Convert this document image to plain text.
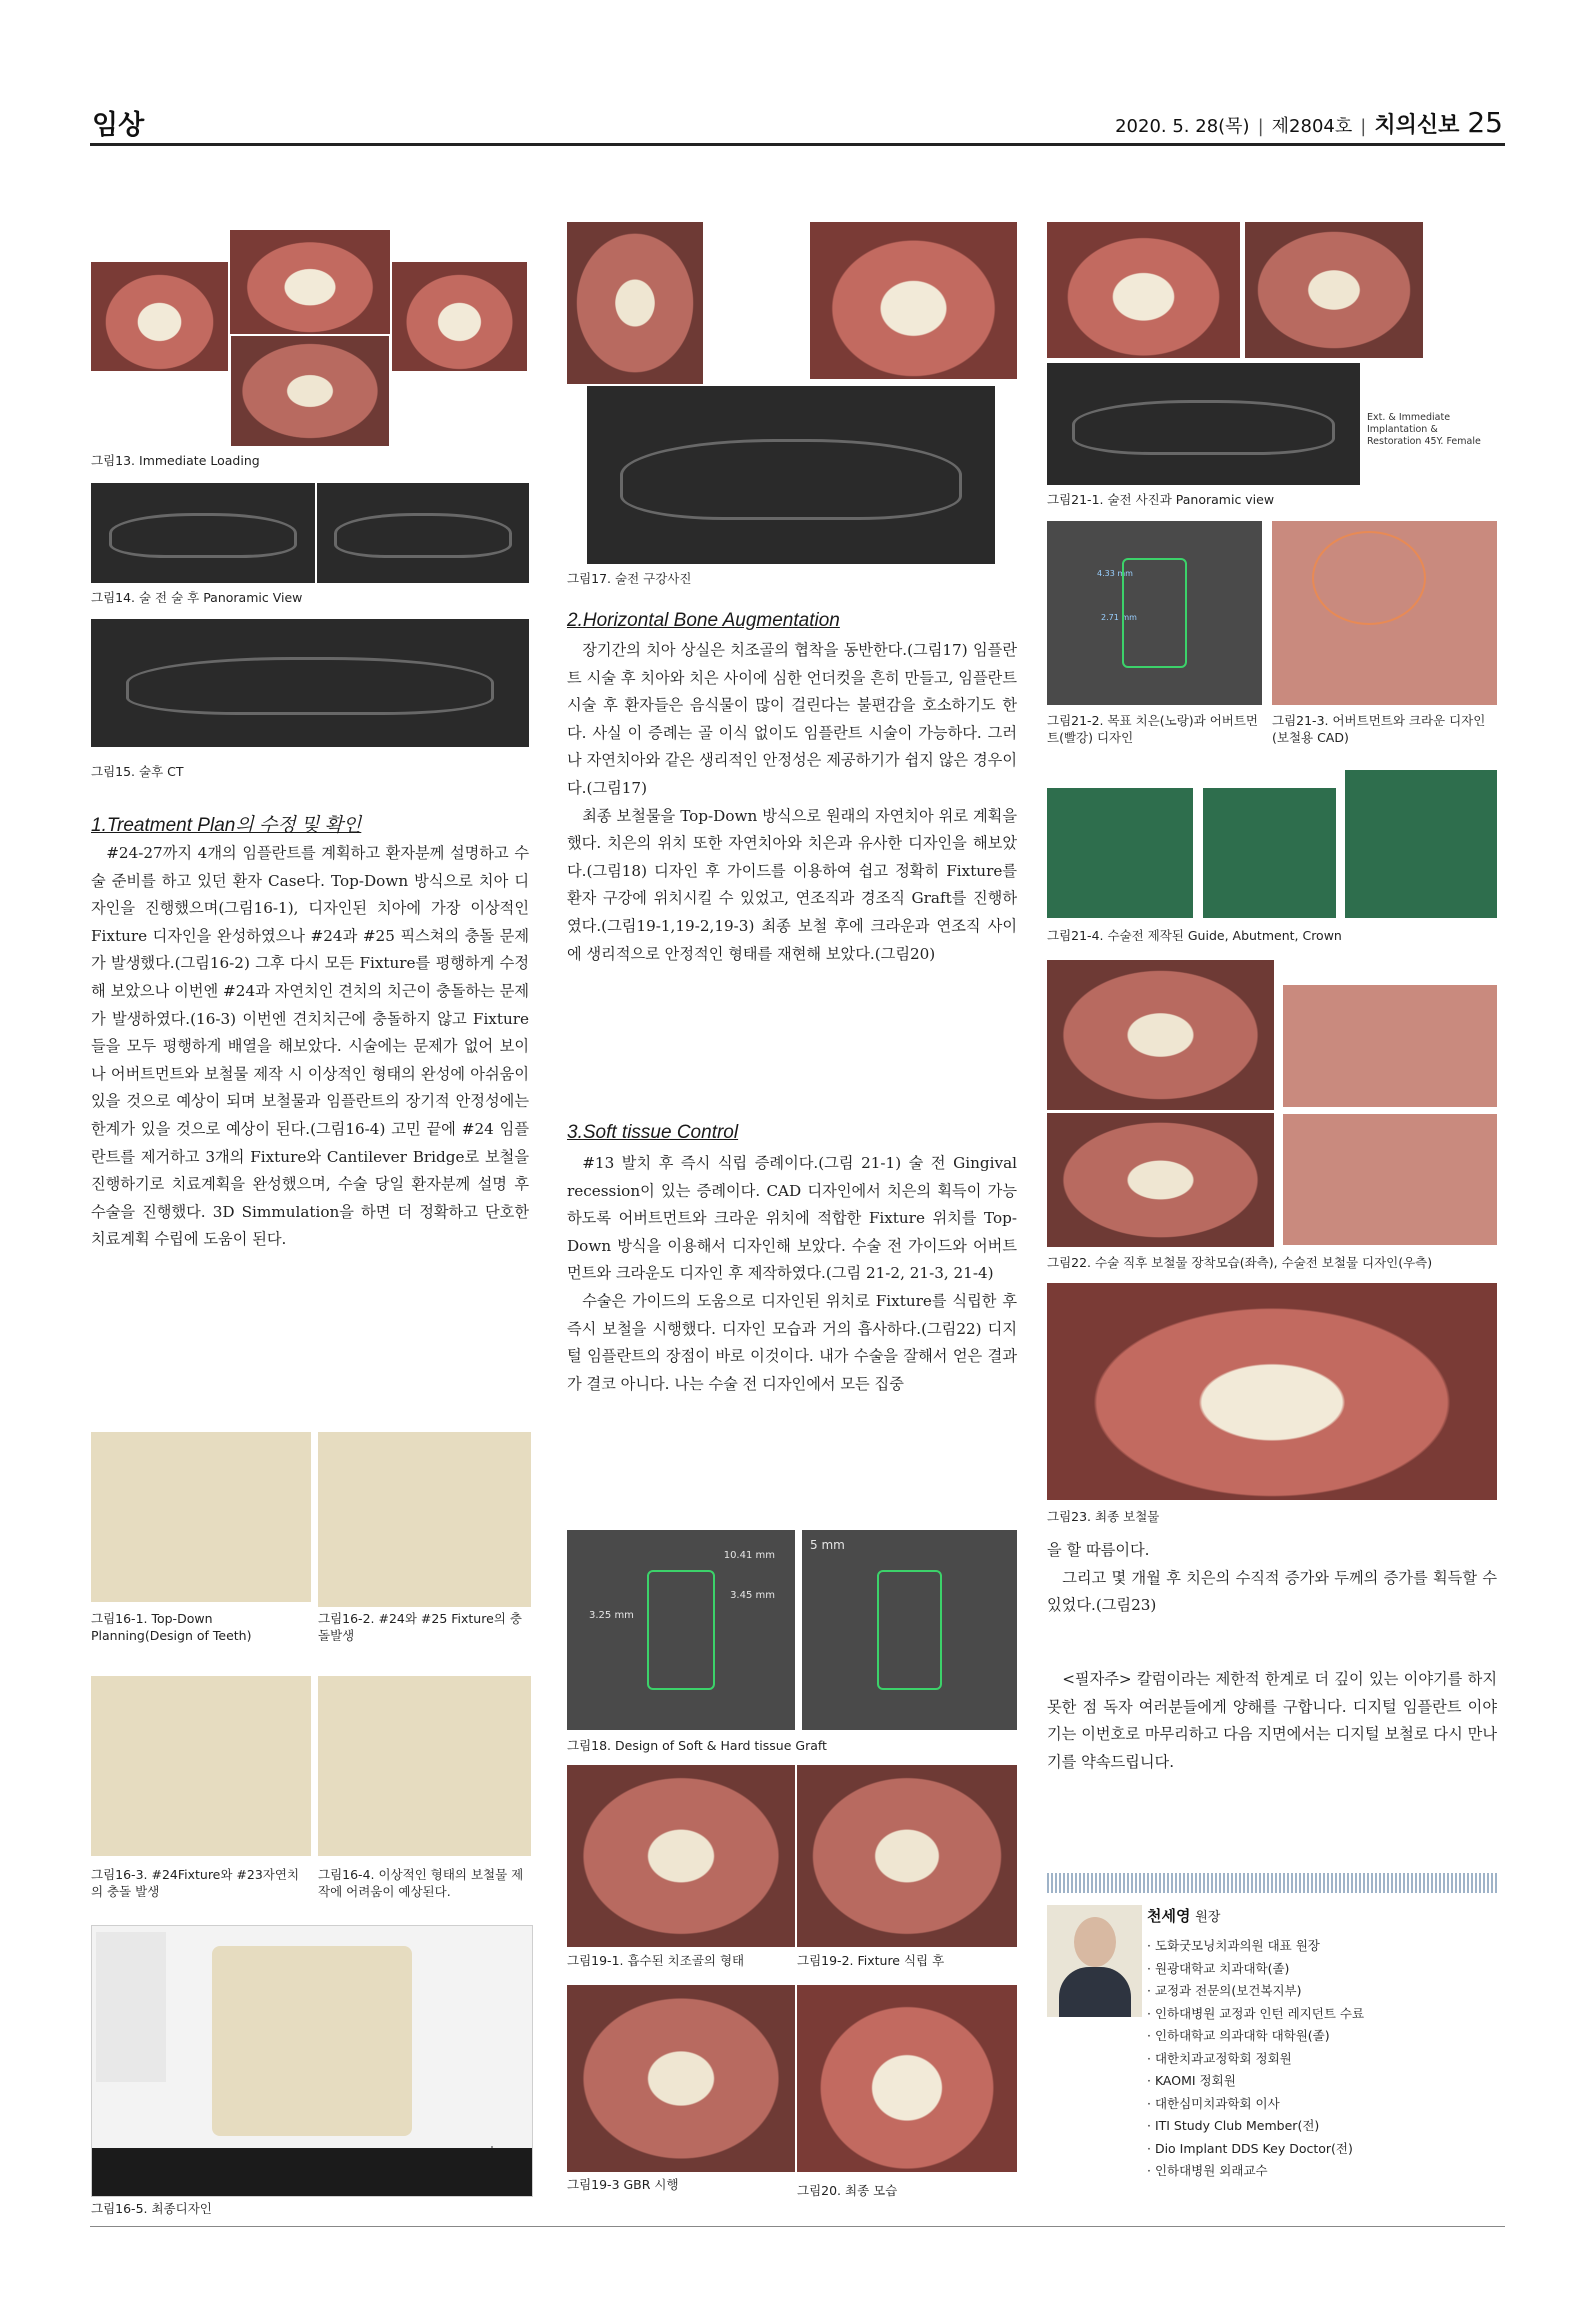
임상	2020. 5. 28(목) | 제2804호 | 치의신보 25
그림13. Immediate Loading
그림14. 술 전 술 후 Panoramic View
그림15. 술후 CT
1.Treatment Plan의 수정 및 확인

#24-27까지 4개의 임플란트를 계획하고 환자분께 설명하고 수술 준비를 하고 있던 환자 Case다. Top-Down 방식으로 치아 디자인을 진행했으며(그림16-1), 디자인된 치아에 가장 이상적인 Fixture 디자인을 완성하였으나 #24과 #25 픽스쳐의 충돌 문제가 발생했다.(그림16-2) 그후 다시 모든 Fixture를 평행하게 수정해 보았으나 이번엔 #24과 자연치인 견치의 치근이 충돌하는 문제가 발생하였다.(16-3) 이번엔 견치치근에 충돌하지 않고 Fixture들을 모두 평행하게 배열을 해보았다. 시술에는 문제가 없어 보이나 어버트먼트와 보철물 제작 시 이상적인 형태의 완성에 아쉬움이 있을 것으로 예상이 되며 보철물과 임플란트의 장기적 안정성에는 한계가 있을 것으로 예상이 된다.(그림16-4) 고민 끝에 #24 임플란트를 제거하고 3개의 Fixture와 Cantilever Bridge로 보철을 진행하기로 치료계획을 완성했으며, 수술 당일 환자분께 설명 후 수술을 진행했다. 3D Simmulation을 하면 더 정확하고 단호한 치료계획 수립에 도움이 된다.

그림16-1. Top-Down Planning(Design of Teeth)
그림16-2. #24와 #25 Fixture의 충돌발생
그림16-3. #24Fixture와 #23자연치의 충돌 발생
그림16-4. 이상적인 형태의 보철물 제작에 어려움이 예상된다.
그림16-5. 최종디자인
그림17. 술전 구강사진
2.Horizontal Bone Augmentation

장기간의 치아 상실은 치조골의 협착을 동반한다.(그림17) 임플란트 시술 후 치아와 치은 사이에 심한 언더컷을 흔히 만들고, 임플란트 시술 후 환자들은 음식물이 많이 걸린다는 불편감을 호소하기도 한다. 사실 이 증례는 골 이식 없이도 임플란트 시술이 가능하다. 그러나 자연치아와 같은 생리적인 안정성은 제공하기가 쉽지 않은 경우이다.(그림17)

최종 보철물을 Top-Down 방식으로 원래의 자연치아 위로 계획을 했다. 치은의 위치 또한 자연치아와 치은과 유사한 디자인을 해보았다.(그림18) 디자인 후 가이드를 이용하여 쉽고 정확히 Fixture를 환자 구강에 위치시킬 수 있었고, 연조직과 경조직 Graft를 진행하였다.(그림19-1,19-2,19-3) 최종 보철 후에 크라운과 연조직 사이에 생리적으로 안정적인 형태를 재현해 보았다.(그림20)

3.Soft tissue Control

#13 발치 후 즉시 식립 증례이다.(그림 21-1) 술 전 Gingival recession이 있는 증례이다. CAD 디자인에서 치은의 획득이 가능하도록 어버트먼트와 크라운 위치에 적합한 Fixture 위치를 Top-Down 방식을 이용해서 디자인해 보았다. 수술 전 가이드와 어버트먼트와 크라운도 디자인 후 제작하였다.(그림 21-2, 21-3, 21-4)

수술은 가이드의 도움으로 디자인된 위치로 Fixture를 식립한 후 즉시 보철을 시행했다. 디자인 모습과 거의 흡사하다.(그림22) 디지털 임플란트의 장점이 바로 이것이다. 내가 수술을 잘해서 얻은 결과가 결코 아니다. 나는 수술 전 디자인에서 모든 집중

10.41 mm
3.45 mm
3.25 mm
5 mm
그림18. Design of Soft & Hard tissue Graft
그림19-1. 흡수된 치조골의 형태	그림19-2. Fixture 식립 후
그림19-3 GBR 시행	그림20. 최종 모습
Ext. & Immediate Implantation & Restoration 45Y. Female
그림21-1. 술전 사진과 Panoramic view
4.33 mm
2.71 mm
그림21-2. 목표 치은(노랑)과 어버트먼트(빨강) 디자인
그림21-3. 어버트먼트와 크라운 디자인(보철용 CAD)
그림21-4. 수술전 제작된 Guide, Abutment, Crown
그림22. 수술 직후 보철물 장착모습(좌측), 수술전 보철물 디자인(우측)
그림23. 최종 보철물

을 할 따름이다.

그리고 몇 개월 후 치은의 수직적 증가와 두께의 증가를 획득할 수 있었다.(그림23)

<필자주> 칼럼이라는 제한적 한계로 더 깊이 있는 이야기를 하지 못한 점 독자 여러분들에게 양해를 구합니다. 디지털 임플란트 이야기는 이번호로 마무리하고 다음 지면에서는 디지털 보철로 다시 만나기를 약속드립니다.

천세영 원장
· 도화굿모닝치과의원 대표 원장
· 원광대학교 치과대학(졸)
· 교정과 전문의(보건복지부)
· 인하대병원 교정과 인턴 레지던트 수료
· 인하대학교 의과대학 대학원(졸)
· 대한치과교정학회 정회원
· KAOMI 정회원
· 대한심미치과학회 이사
· ITI Study Club Member(전)
· Dio Implant DDS Key Doctor(전)
· 인하대병원 외래교수
